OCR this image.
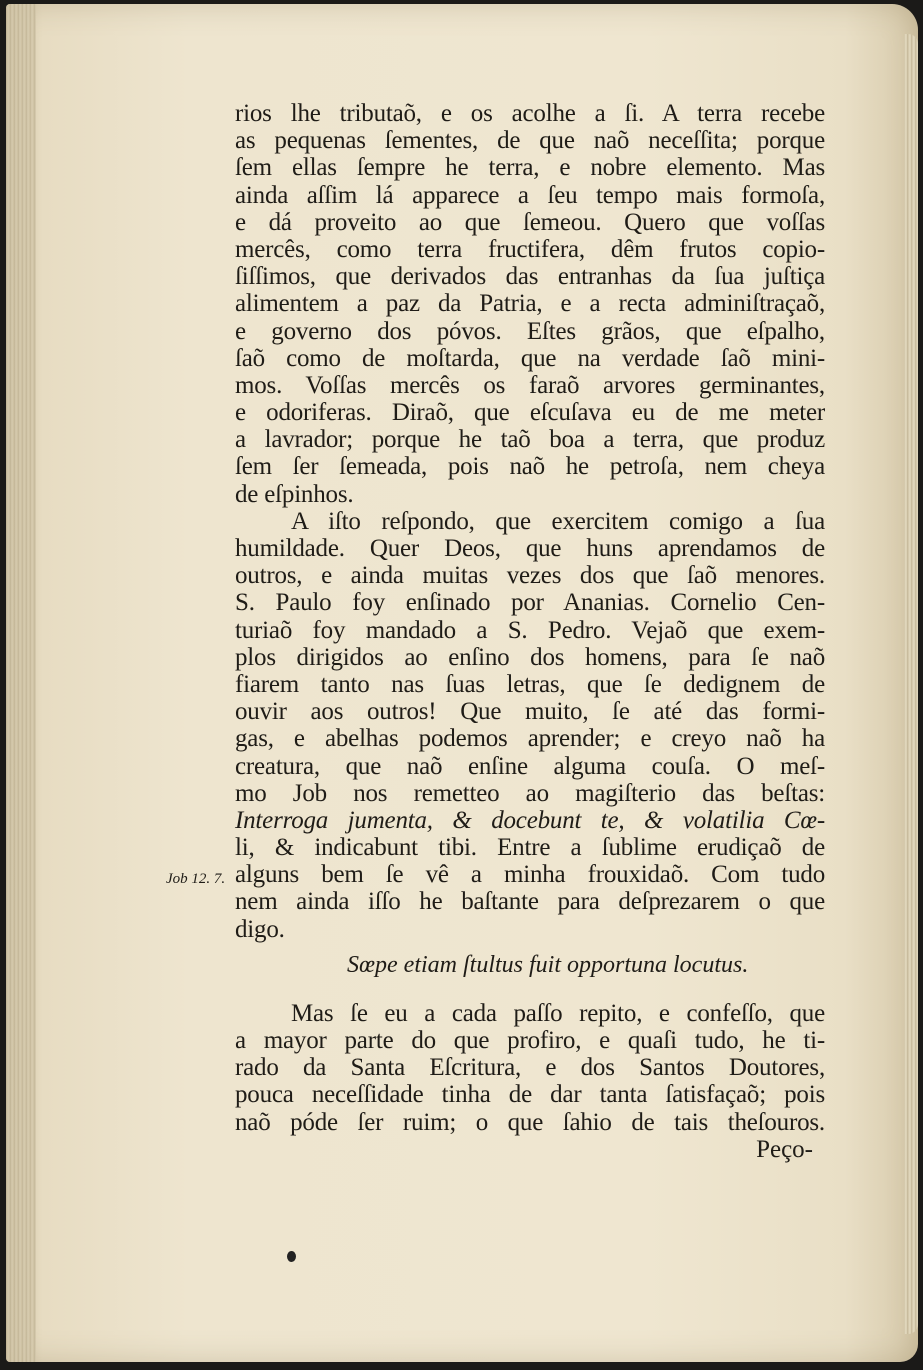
rios lhe tributaõ, e os acolhe a ſi. A terra recebe
as pequenas ſementes, de que naõ neceſſita; porque
ſem ellas ſempre he terra, e nobre elemento. Mas
ainda aſſim lá apparece a ſeu tempo mais formoſa,
e dá proveito ao que ſemeou. Quero que voſſas
mercês, como terra fructifera, dêm frutos copio-
ſiſſimos, que derivados das entranhas da ſua juſtiça
alimentem a paz da Patria, e a recta adminiſtraçaõ,
e governo dos póvos. Eſtes grãos, que eſpalho,
ſaõ como de moſtarda, que na verdade ſaõ mini-
mos. Voſſas mercês os faraõ arvores germinantes,
e odoriferas. Diraõ, que eſcuſava eu de me meter
a lavrador; porque he taõ boa a terra, que produz
ſem ſer ſemeada, pois naõ he petroſa, nem cheya
de eſpinhos.
A iſto reſpondo, que exercitem comigo a ſua
humildade. Quer Deos, que huns aprendamos de
outros, e ainda muitas vezes dos que ſaõ menores.
S. Paulo foy enſinado por Ananias. Cornelio Cen-
turiaõ foy mandado a S. Pedro. Vejaõ que exem-
plos dirigidos ao enſino dos homens, para ſe naõ
fiarem tanto nas ſuas letras, que ſe dedignem de
ouvir aos outros! Que muito, ſe até das formi-
gas, e abelhas podemos aprender; e creyo naõ ha
creatura, que naõ enſine alguma couſa. O meſ-
mo Job nos remetteo ao magiſterio das beſtas:
Interroga jumenta, & docebunt te, & volatilia Cœ-
li, & indicabunt tibi. Entre a ſublime erudiçaõ de
alguns bem ſe vê a minha frouxidaõ. Com tudo
nem ainda iſſo he baſtante para deſprezarem o que
digo.
Sœpe etiam ſtultus fuit opportuna locutus.
Mas ſe eu a cada paſſo repito, e confeſſo, que
a mayor parte do que profiro, e quaſi tudo, he ti-
rado da Santa Eſcritura, e dos Santos Doutores,
pouca neceſſidade tinha de dar tanta ſatisfaçaõ; pois
naõ póde ſer ruim; o que ſahio de tais theſouros.
Peço-
Job 12. 7.
